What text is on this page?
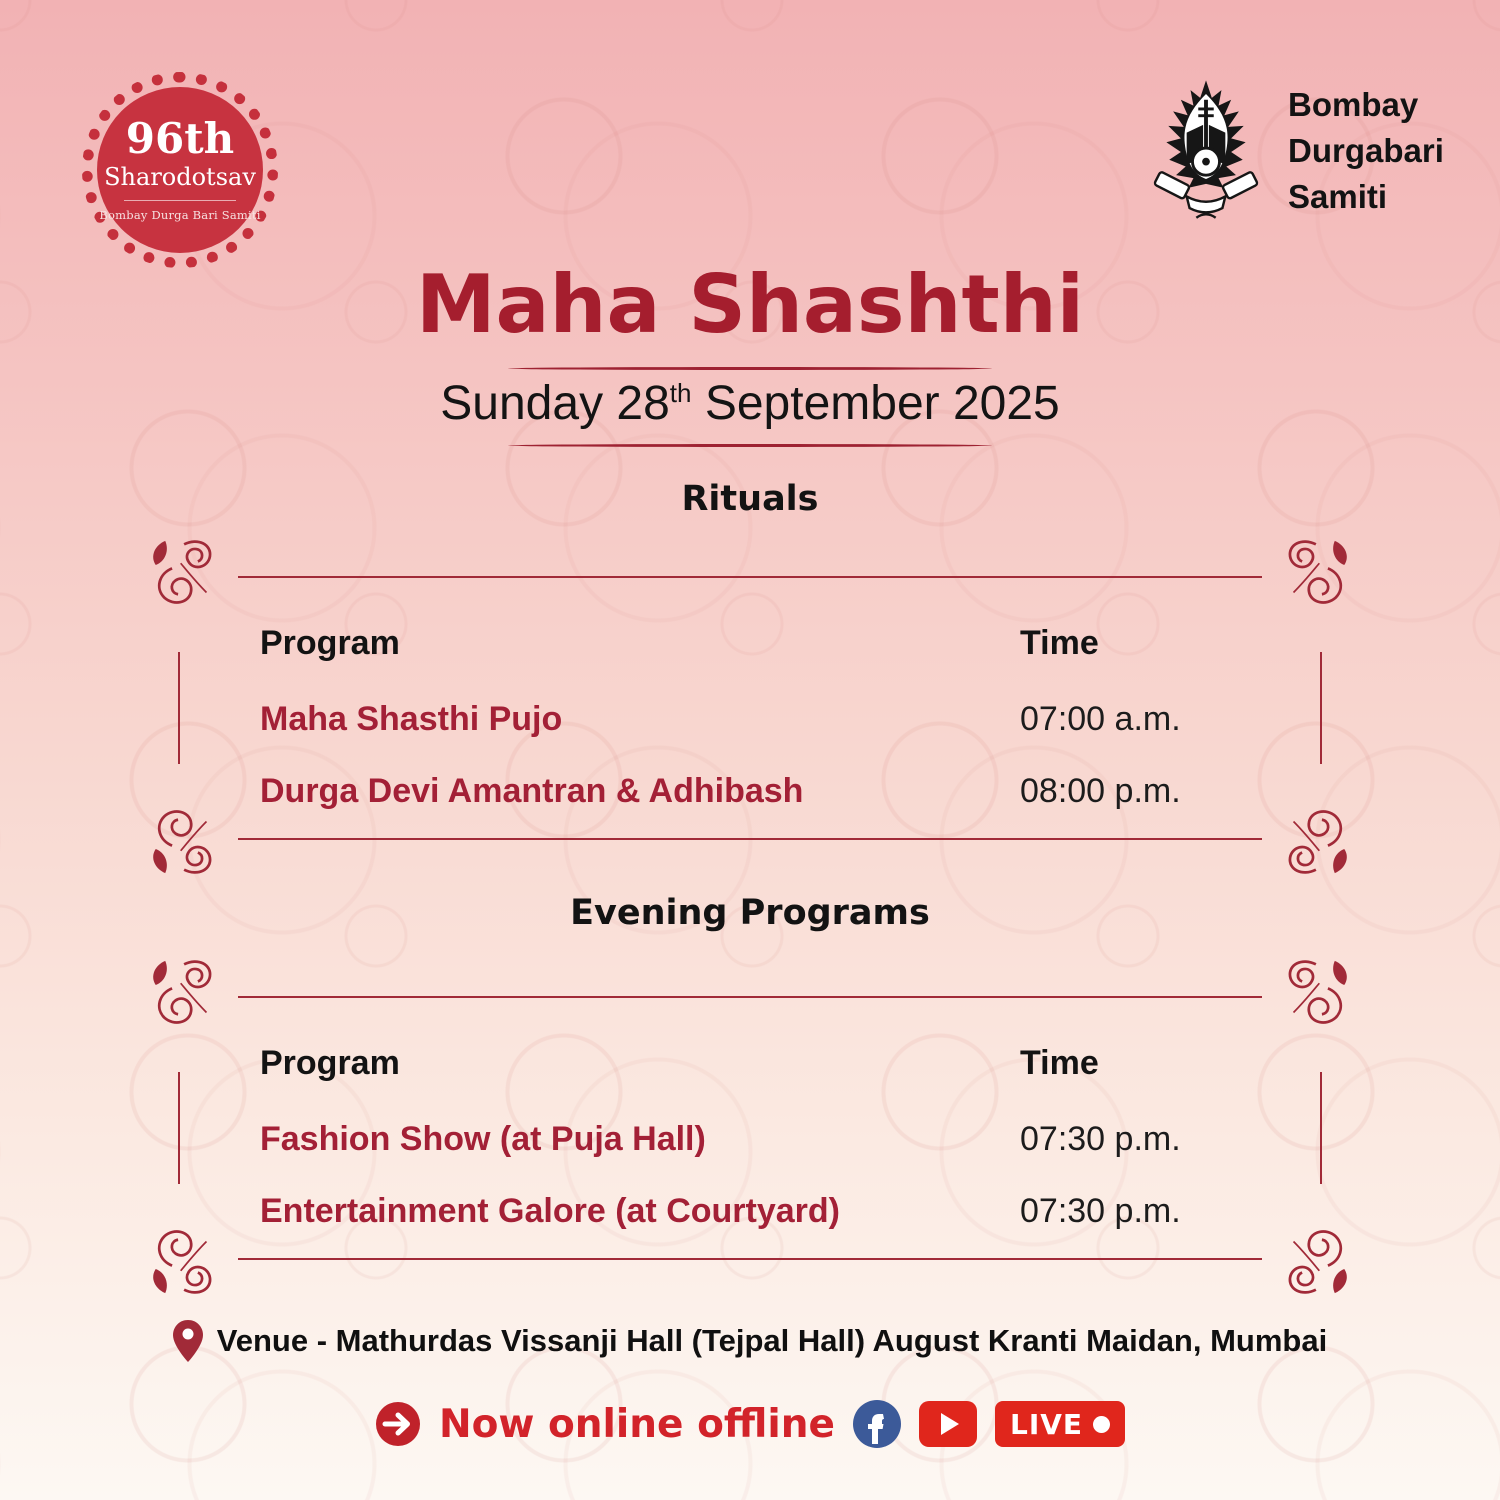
96th
Sharodotsav
Bombay Durga Bari Samiti
Bombay
Durgabari
Samiti
Maha Shashthi
Sunday 28th September 2025
Rituals
Program	Time
Maha Shasthi Pujo	07:00 a.m.
Durga Devi Amantran & Adhibash	08:00 p.m.
Evening Programs
Program	Time
Fashion Show (at Puja Hall)	07:30 p.m.
Entertainment Galore (at Courtyard)	07:30 p.m.
Venue - Mathurdas Vissanji Hall (Tejpal Hall) August Kranti Maidan, Mumbai
Now online offline	LIVE
